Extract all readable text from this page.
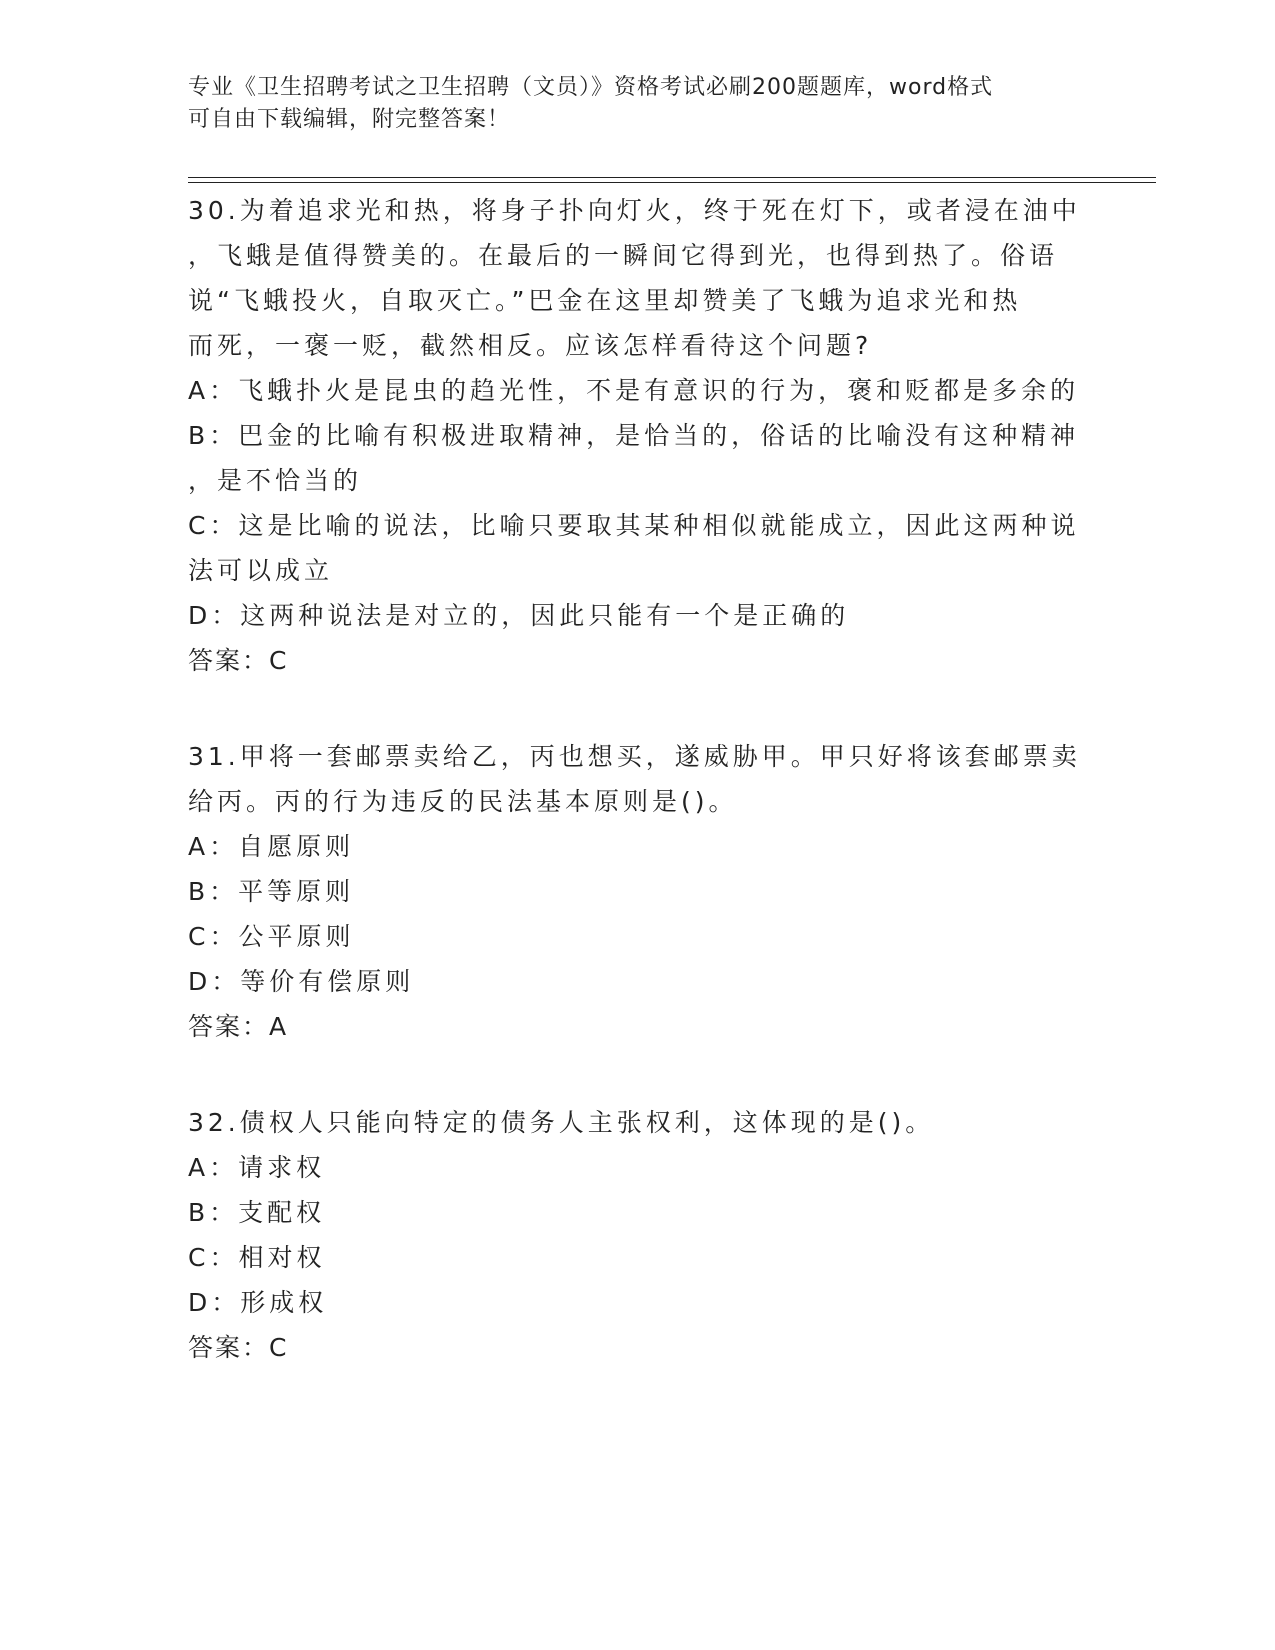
专业《卫生招聘考试之卫生招聘（文员）》资格考试必刷200题题库，word格式
可自由下载编辑，附完整答案！
30.为着追求光和热，将身子扑向灯火，终于死在灯下，或者浸在油中
，飞蛾是值得赞美的。在最后的一瞬间它得到光，也得到热了。俗语
说“飞蛾投火，自取灭亡。”巴金在这里却赞美了飞蛾为追求光和热
而死，一褒一贬，截然相反。应该怎样看待这个问题?
A：飞蛾扑火是昆虫的趋光性，不是有意识的行为，褒和贬都是多余的
B：巴金的比喻有积极进取精神，是恰当的，俗话的比喻没有这种精神
，是不恰当的
C：这是比喻的说法，比喻只要取其某种相似就能成立，因此这两种说
法可以成立
D：这两种说法是对立的，因此只能有一个是正确的
答案：C
31.甲将一套邮票卖给乙，丙也想买，遂威胁甲。甲只好将该套邮票卖
给丙。丙的行为违反的民法基本原则是()。
A：自愿原则
B：平等原则
C：公平原则
D：等价有偿原则
答案：A
32.债权人只能向特定的债务人主张权利，这体现的是()。
A：请求权
B：支配权
C：相对权
D：形成权
答案：C
